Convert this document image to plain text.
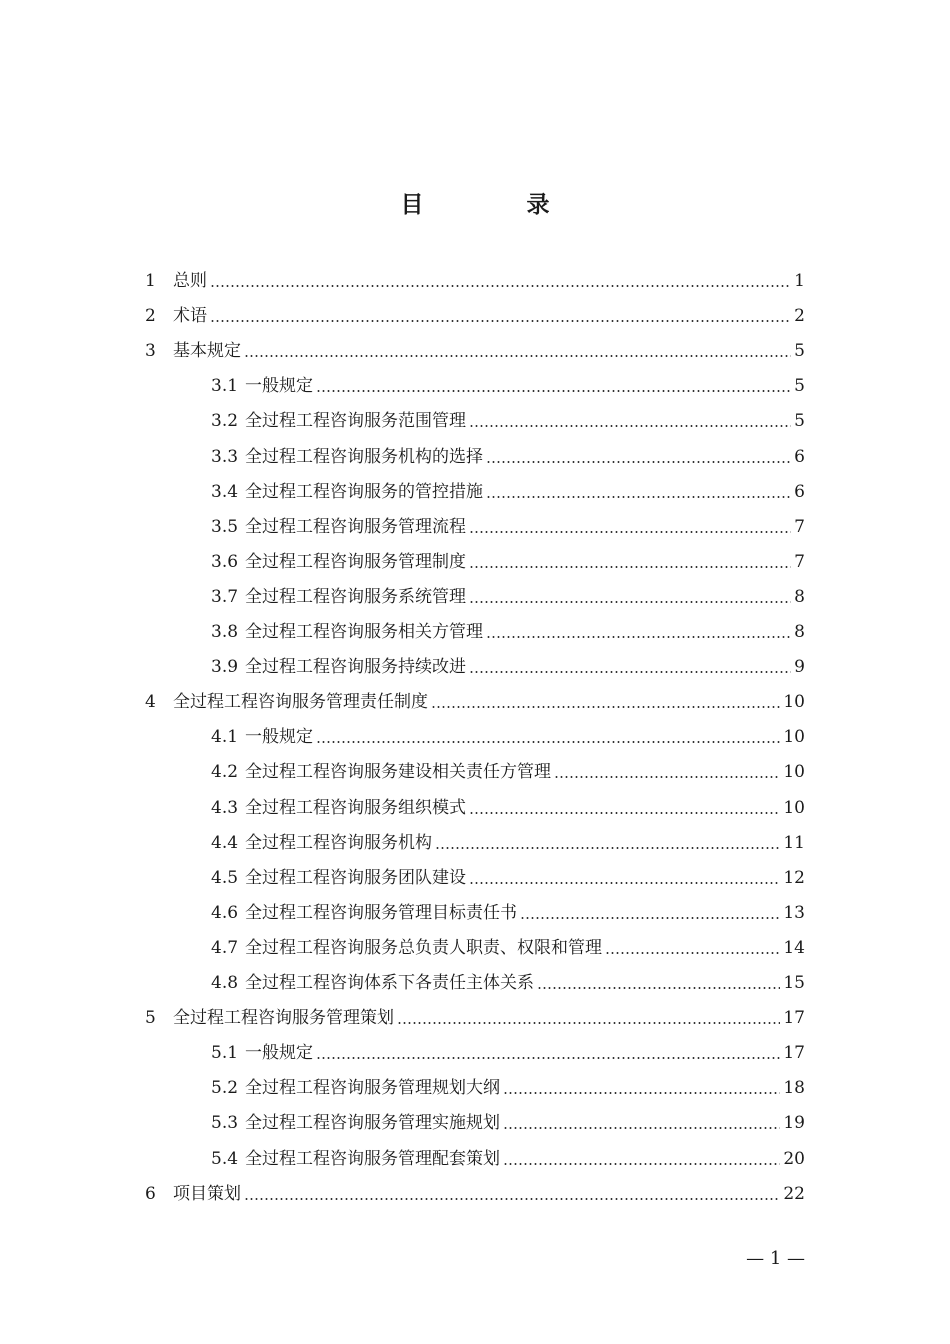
目　录
1	总则	1
2	术语	2
3	基本规定	5
3.1 一般规定	5
3.2 全过程工程咨询服务范围管理	5
3.3 全过程工程咨询服务机构的选择	6
3.4 全过程工程咨询服务的管控措施	6
3.5 全过程工程咨询服务管理流程	7
3.6 全过程工程咨询服务管理制度	7
3.7 全过程工程咨询服务系统管理	8
3.8 全过程工程咨询服务相关方管理	8
3.9 全过程工程咨询服务持续改进	9
4	全过程工程咨询服务管理责任制度	10
4.1 一般规定	10
4.2 全过程工程咨询服务建设相关责任方管理	10
4.3 全过程工程咨询服务组织模式	10
4.4 全过程工程咨询服务机构	11
4.5 全过程工程咨询服务团队建设	12
4.6 全过程工程咨询服务管理目标责任书	13
4.7 全过程工程咨询服务总负责人职责、权限和管理	14
4.8 全过程工程咨询体系下各责任主体关系	15
5	全过程工程咨询服务管理策划	17
5.1 一般规定	17
5.2 全过程工程咨询服务管理规划大纲	18
5.3 全过程工程咨询服务管理实施规划	19
5.4 全过程工程咨询服务管理配套策划	20
6	项目策划	22
— 1 —
